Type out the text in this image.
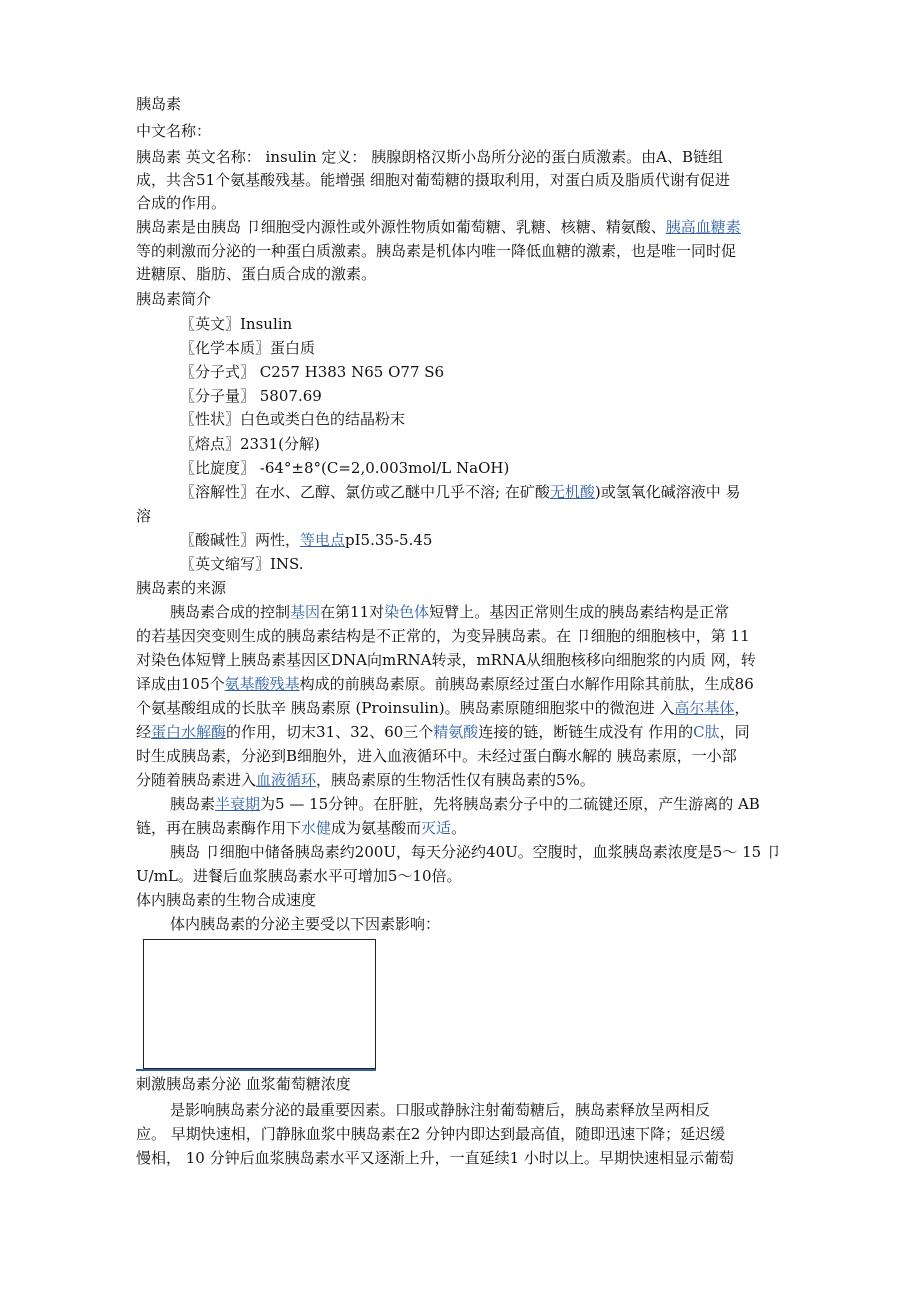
胰岛素
中文名称：
胰岛素 英文名称： insulin 定义： 胰腺朗格汉斯小岛所分泌的蛋白质激素。由A、B链组
成，共含51个氨基酸残基。能增强 细胞对葡萄糖的摄取利用，对蛋白质及脂质代谢有促进
合成的作用。
胰岛素是由胰岛 卩细胞受内源性或外源性物质如葡萄糖、乳糖、核糖、精氨酸、胰高血糖素
等的刺激而分泌的一种蛋白质激素。胰岛素是机体内唯一降低血糖的激素，也是唯一同时促
进糖原、脂肪、蛋白质合成的激素。
胰岛素简介
〖英文〗Insulin
〖化学本质〗蛋白质
〖分子式〗 C257 H383 N65 O77 S6
〖分子量〗 5807.69
〖性状〗白色或类白色的结晶粉末
〖熔点〗2331(分解)
〖比旋度〗 -64°±8°(C=2,0.003mol/L NaOH)
〖溶解性〗在水、乙醇、氯仿或乙醚中几乎不溶; 在矿酸无机酸)或氢氧化碱溶液中 易
溶
〖酸碱性〗两性，等电点pI5.35-5.45
〖英文缩写〗INS.
胰岛素的来源
胰岛素合成的控制基因在第11对染色体短臂上。基因正常则生成的胰岛素结构是正常
的若基因突变则生成的胰岛素结构是不正常的，为变异胰岛素。在 卩细胞的细胞核中，第 11
对染色体短臂上胰岛素基因区DNA向mRNA转录，mRNA从细胞核移向细胞浆的内质 网，转
译成由105个氨基酸残基构成的前胰岛素原。前胰岛素原经过蛋白水解作用除其前肽，生成86
个氨基酸组成的长肽辛 胰岛素原 (Proinsulin)。胰岛素原随细胞浆中的微泡进 入高尔基体，
经蛋白水解酶的作用，切末31、32、60三个精氨酸连接的链，断链生成没有 作用的C肽，同
时生成胰岛素，分泌到B细胞外，进入血液循环中。未经过蛋白酶水解的 胰岛素原，一小部
分随着胰岛素进入血液循环，胰岛素原的生物活性仅有胰岛素的5%。
胰岛素半衰期为5 — 15分钟。在肝脏，先将胰岛素分子中的二硫键还原，产生游离的 AB
链，再在胰岛素酶作用下水健成为氨基酸而灭适。
胰岛 卩细胞中储备胰岛素约200U，每天分泌约40U。空腹时，血浆胰岛素浓度是5〜 15 卩
U/mL。进餐后血浆胰岛素水平可增加5〜10倍。
体内胰岛素的生物合成速度
体内胰岛素的分泌主要受以下因素影响：
刺激胰岛素分泌 血浆葡萄糖浓度
是影响胰岛素分泌的最重要因素。口服或静脉注射葡萄糖后，胰岛素释放呈两相反
应。 早期快速相，门静脉血浆中胰岛素在2 分钟内即达到最高值，随即迅速下降；延迟缓
慢相， 10 分钟后血浆胰岛素水平又逐渐上升，一直延续1 小时以上。早期快速相显示葡萄
